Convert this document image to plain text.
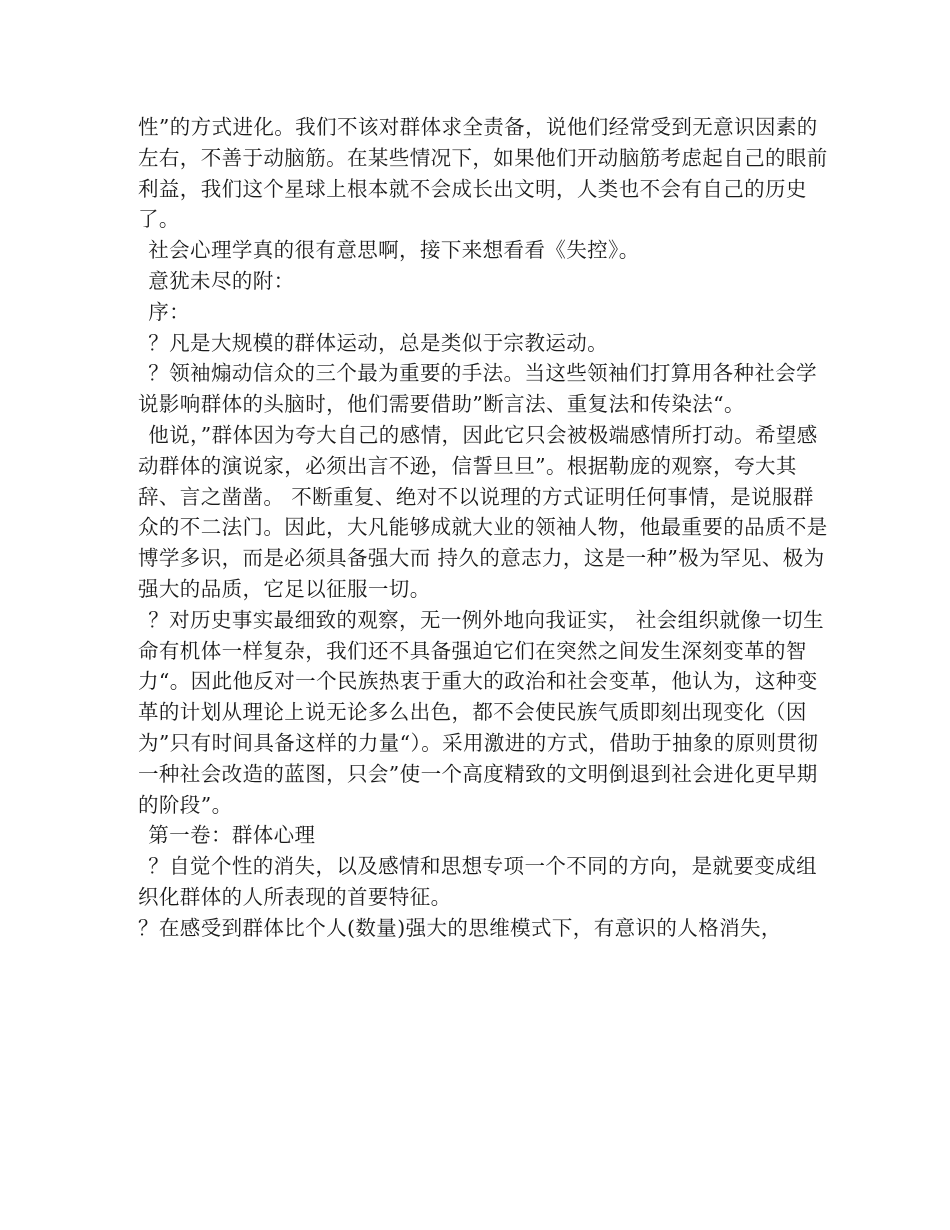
性”的方式进化。我们不该对群体求全责备，说他们经常受到无意识因素的左右，不善于动脑筋。在某些情况下，如果他们开动脑筋考虑起自己的眼前利益，我们这个星球上根本就不会成长出文明，人类也不会有自己的历史了。

社会心理学真的很有意思啊，接下来想看看《失控》。

意犹未尽的附：

序：

？凡是大规模的群体运动，总是类似于宗教运动。

？领袖煽动信众的三个最为重要的手法。当这些领袖们打算用各种社会学说影响群体的头脑时，他们需要借助”断言法、重复法和传染法“。

他说，”群体因为夸大自己的感情，因此它只会被极端感情所打动。希望感动群体的演说家，必须出言不逊，信誓旦旦”。根据勒庞的观察，夸大其辞、言之凿凿。 不断重复、绝对不以说理的方式证明任何事情，是说服群众的不二法门。因此，大凡能够成就大业的领袖人物，他最重要的品质不是博学多识，而是必须具备强大而 持久的意志力，这是一种”极为罕见、极为强大的品质，它足以征服一切。

？对历史事实最细致的观察，无一例外地向我证实， 社会组织就像一切生命有机体一样复杂，我们还不具备强迫它们在突然之间发生深刻变革的智力“。因此他反对一个民族热衷于重大的政治和社会变革，他认为，这种变革的计划从理论上说无论多么出色，都不会使民族气质即刻出现变化（因为”只有时间具备这样的力量“）。采用激进的方式，借助于抽象的原则贯彻一种社会改造的蓝图，只会”使一个高度精致的文明倒退到社会进化更早期的阶段”。

第一卷：群体心理

？自觉个性的消失，以及感情和思想专项一个不同的方向，是就要变成组织化群体的人所表现的首要特征。

？在感受到群体比个人(数量)强大的思维模式下，有意识的人格消失，
